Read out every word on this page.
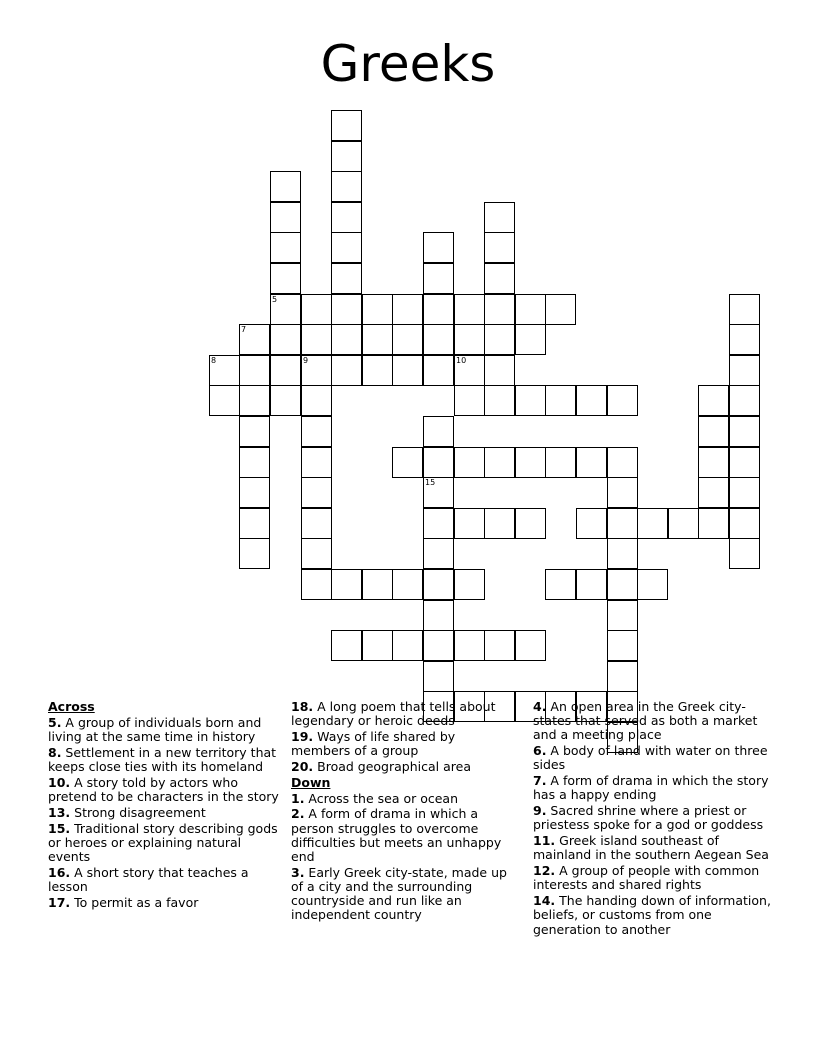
Greeks
5
7
8	9	10
15
Across

5. A group of individuals born and living at the same time in history

8. Settlement in a new territory that keeps close ties with its homeland

10. A story told by actors who pretend to be characters in the story

13. Strong disagreement

15. Traditional story describing gods or heroes or explaining natural events

16. A short story that teaches a lesson

17. To permit as a favor

18. A long poem that tells about legendary or heroic deeds

19. Ways of life shared by members of a group

20. Broad geographical area

Down

1. Across the sea or ocean

2. A form of drama in which a person struggles to overcome difficulties but meets an unhappy end

3. Early Greek city-state, made up of a city and the surrounding countryside and run like an independent country

4. An open area in the Greek city-states that served as both a market and a meeting place

6. A body of land with water on three sides

7. A form of drama in which the story has a happy ending

9. Sacred shrine where a priest or priestess spoke for a god or goddess

11. Greek island southeast of mainland in the southern Aegean Sea

12. A group of people with common interests and shared rights

14. The handing down of information, beliefs, or customs from one generation to another
